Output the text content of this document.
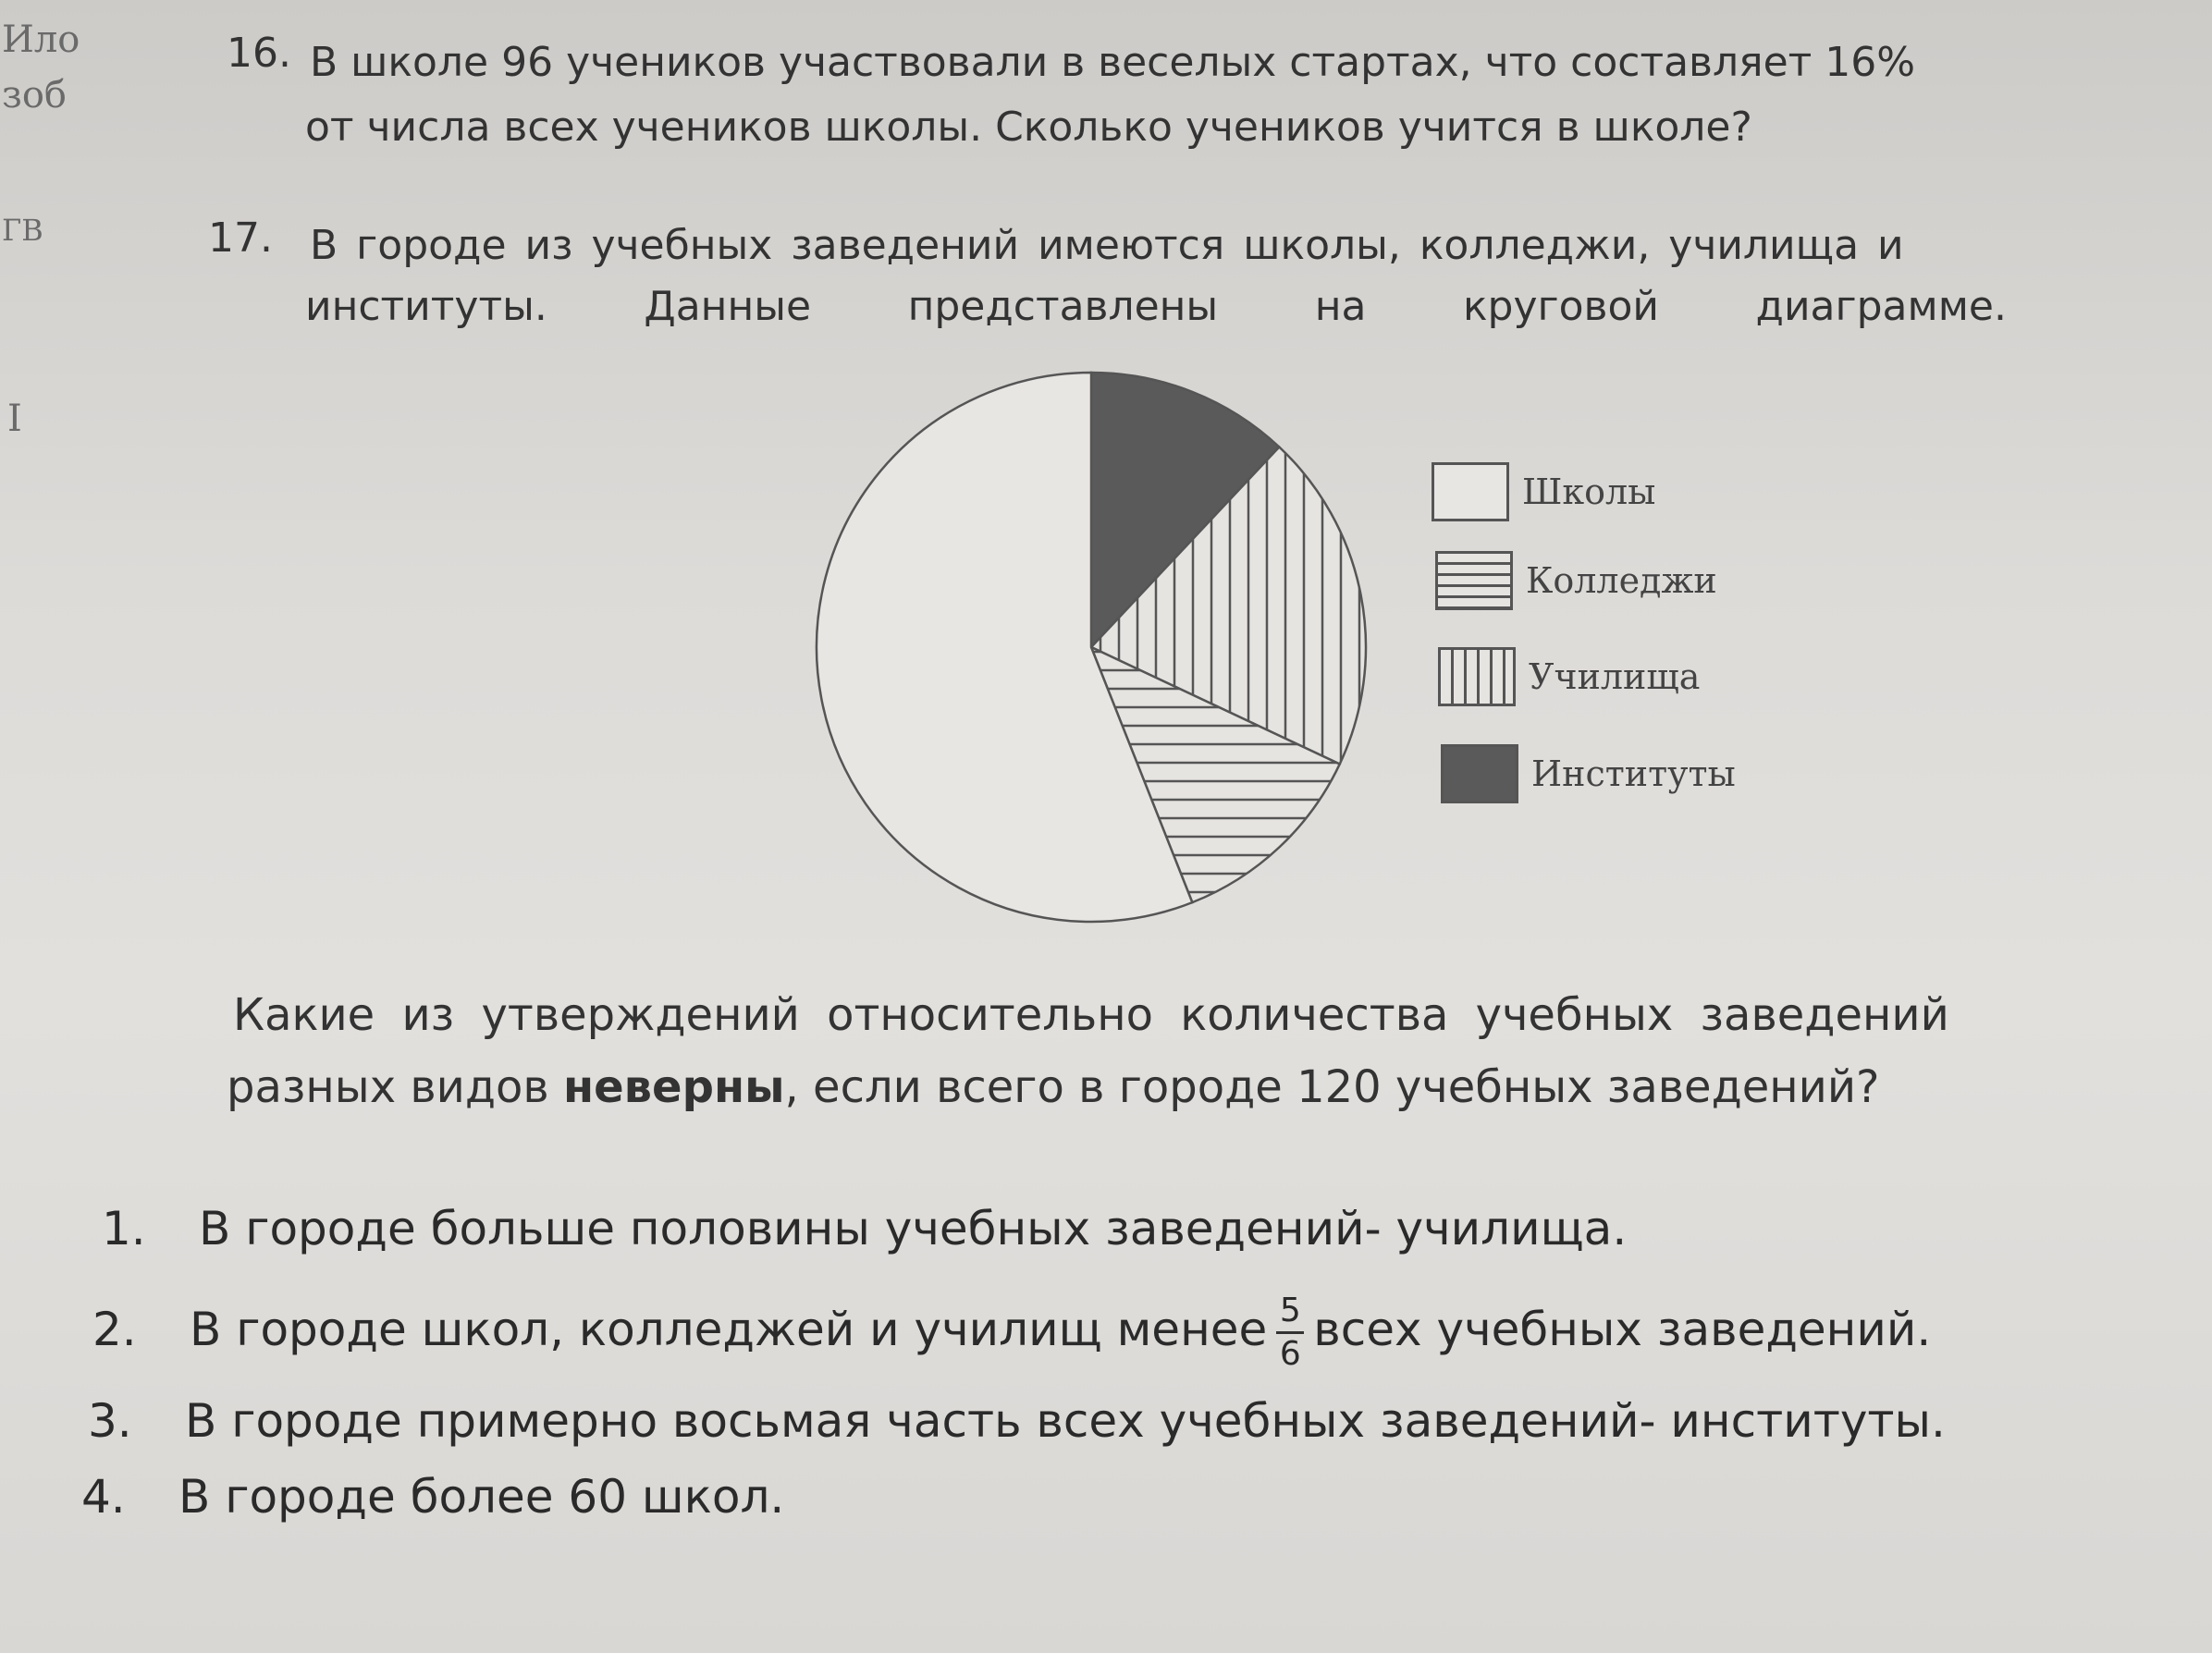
Ило
зоб
ГВ
I
16. В школе 96 учеников участвовали в веселых стартах, что составляет 16%
от числа всех учеников школы. Сколько учеников учится в школе?
17. В городе из учебных заведений имеются школы, колледжи, училища и
институты. Данные представлены на круговой диаграмме.
Школы
Колледжи
Училища
Институты
Какие из утверждений относительно количества учебных заведений
разных видов неверны, если всего в городе 120 учебных заведений?
1. В городе больше половины учебных заведений- училища.
2. В городе школ, колледжей и училищ менее $\frac{5}{6}$ всех учебных заведений.
3. В городе примерно восьмая часть всех учебных заведений- институты.
4. В городе более 60 школ.
